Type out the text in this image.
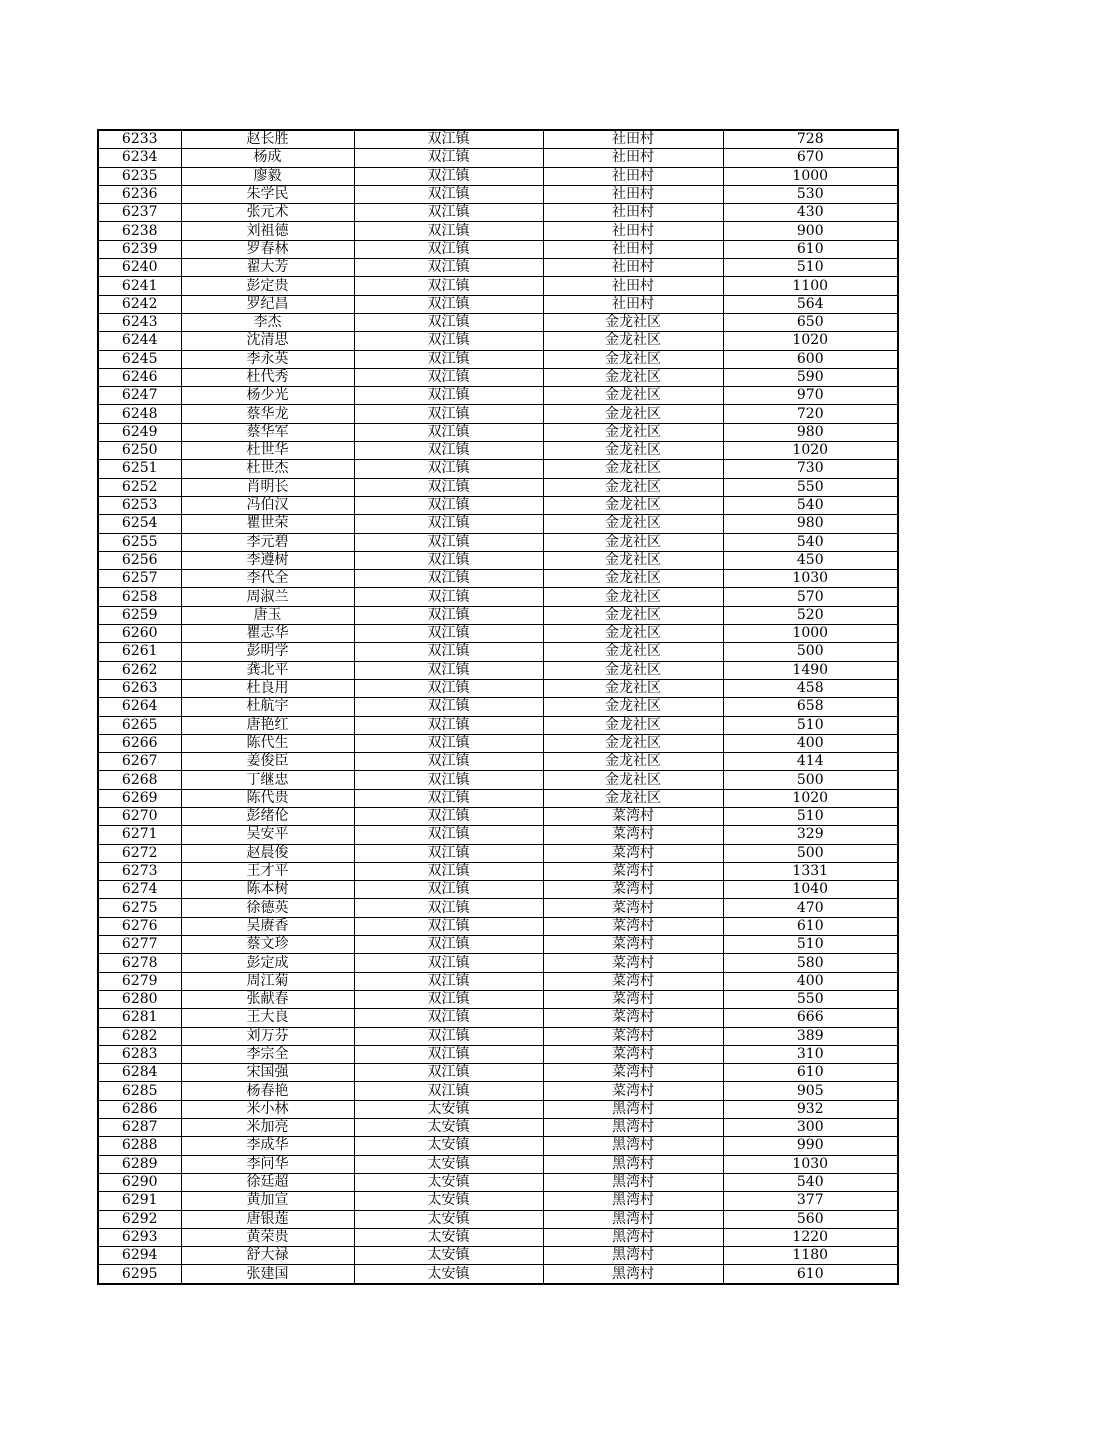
6233	赵长胜	双江镇	社田村	728
6234	杨成	双江镇	社田村	670
6235	廖毅	双江镇	社田村	1000
6236	朱学民	双江镇	社田村	530
6237	张元术	双江镇	社田村	430
6238	刘祖德	双江镇	社田村	900
6239	罗春林	双江镇	社田村	610
6240	翟大芳	双江镇	社田村	510
6241	彭定贵	双江镇	社田村	1100
6242	罗纪昌	双江镇	社田村	564
6243	李杰	双江镇	金龙社区	650
6244	沈清思	双江镇	金龙社区	1020
6245	李永英	双江镇	金龙社区	600
6246	杜代秀	双江镇	金龙社区	590
6247	杨少光	双江镇	金龙社区	970
6248	蔡华龙	双江镇	金龙社区	720
6249	蔡华军	双江镇	金龙社区	980
6250	杜世华	双江镇	金龙社区	1020
6251	杜世杰	双江镇	金龙社区	730
6252	肖明长	双江镇	金龙社区	550
6253	冯伯汉	双江镇	金龙社区	540
6254	瞿世荣	双江镇	金龙社区	980
6255	李元碧	双江镇	金龙社区	540
6256	李遵树	双江镇	金龙社区	450
6257	李代全	双江镇	金龙社区	1030
6258	周淑兰	双江镇	金龙社区	570
6259	唐玉	双江镇	金龙社区	520
6260	瞿志华	双江镇	金龙社区	1000
6261	彭明学	双江镇	金龙社区	500
6262	龚北平	双江镇	金龙社区	1490
6263	杜良用	双江镇	金龙社区	458
6264	杜航宇	双江镇	金龙社区	658
6265	唐艳红	双江镇	金龙社区	510
6266	陈代生	双江镇	金龙社区	400
6267	姜俊臣	双江镇	金龙社区	414
6268	丁继忠	双江镇	金龙社区	500
6269	陈代贵	双江镇	金龙社区	1020
6270	彭绪伦	双江镇	菜湾村	510
6271	吴安平	双江镇	菜湾村	329
6272	赵晨俊	双江镇	菜湾村	500
6273	王才平	双江镇	菜湾村	1331
6274	陈本树	双江镇	菜湾村	1040
6275	徐德英	双江镇	菜湾村	470
6276	吴赓香	双江镇	菜湾村	610
6277	蔡文珍	双江镇	菜湾村	510
6278	彭定成	双江镇	菜湾村	580
6279	周江菊	双江镇	菜湾村	400
6280	张献春	双江镇	菜湾村	550
6281	王大良	双江镇	菜湾村	666
6282	刘万芬	双江镇	菜湾村	389
6283	李宗全	双江镇	菜湾村	310
6284	宋国强	双江镇	菜湾村	610
6285	杨春艳	双江镇	菜湾村	905
6286	米小林	太安镇	黑湾村	932
6287	米加亮	太安镇	黑湾村	300
6288	李成华	太安镇	黑湾村	990
6289	李问华	太安镇	黑湾村	1030
6290	徐廷超	太安镇	黑湾村	540
6291	黄加宣	太安镇	黑湾村	377
6292	唐银莲	太安镇	黑湾村	560
6293	黄荣贵	太安镇	黑湾村	1220
6294	舒大禄	太安镇	黑湾村	1180
6295	张建国	太安镇	黑湾村	610
